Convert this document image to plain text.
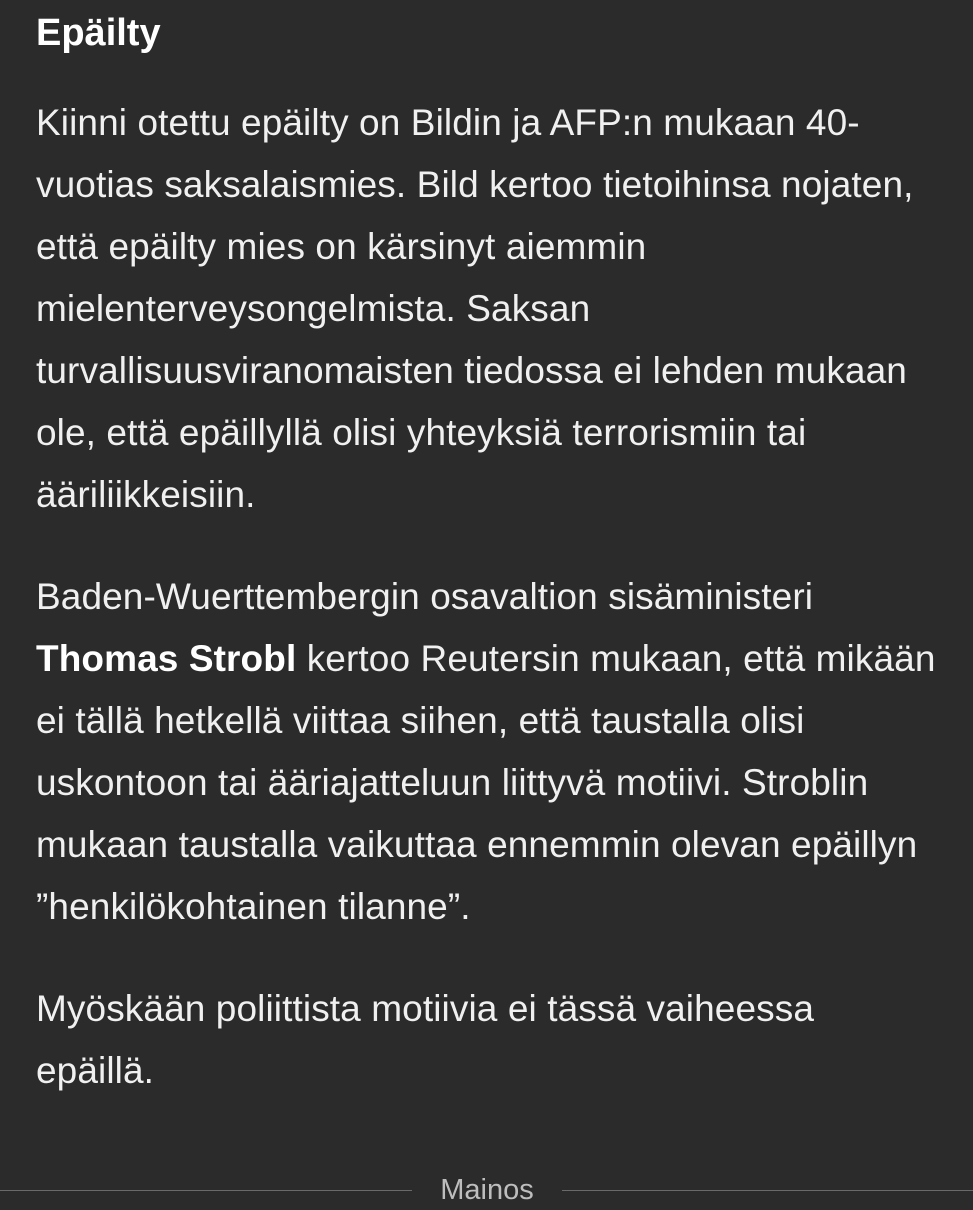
Epäilty

Kiinni otettu epäilty on Bildin ja AFP:n mukaan 40-vuotias saksalaismies. Bild kertoo tietoihinsa nojaten, että epäilty mies on kärsinyt aiemmin mielenterveysongelmista. Saksan turvallisuusviranomaisten tiedossa ei lehden mukaan ole, että epäillyllä olisi yhteyksiä terrorismiin tai ääriliikkeisiin.

Baden-Wuerttembergin osavaltion sisäministeri Thomas Strobl kertoo Reutersin mukaan, että mikään ei tällä hetkellä viittaa siihen, että taustalla olisi uskontoon tai ääriajatteluun liittyvä motiivi. Stroblin mukaan taustalla vaikuttaa ennemmin olevan epäillyn ”henkilökohtainen tilanne”.

Myöskään poliittista motiivia ei tässä vaiheessa epäillä.

Mainos
